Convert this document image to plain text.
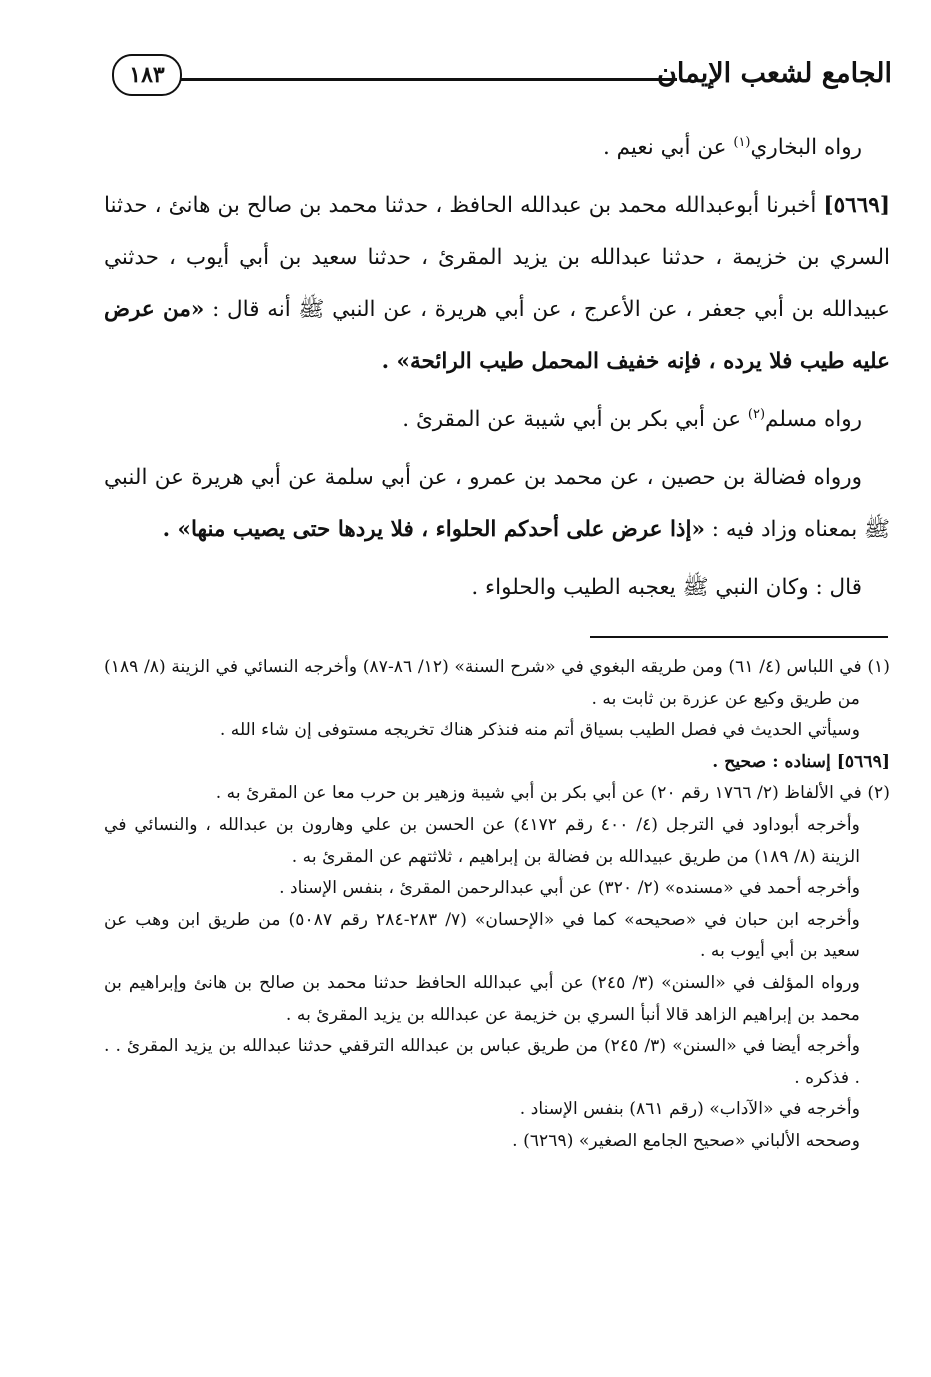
الجامع لشعب الإيمان
١٨٣

رواه البخاري$^{(١)}$ عن أبي نعيم .

[٥٦٦٩] أخبرنا أبوعبدالله محمد بن عبدالله الحافظ ، حدثنا محمد بن صالح بن هانئ ، حدثنا السري بن خزيمة ، حدثنا عبدالله بن يزيد المقرئ ، حدثنا سعيد بن أبي أيوب ، حدثني عبيدالله بن أبي جعفر ، عن الأعرج ، عن أبي هريرة ، عن النبي ﷺ أنه قال : «من عرض عليه طيب فلا يرده ، فإنه خفيف المحمل طيب الرائحة» .

رواه مسلم$^{(٢)}$ عن أبي بكر بن أبي شيبة عن المقرئ .

ورواه فضالة بن حصين ، عن محمد بن عمرو ، عن أبي سلمة عن أبي هريرة عن النبي ﷺ بمعناه وزاد فيه : «إذا عرض على أحدكم الحلواء ، فلا يردها حتى يصيب منها» .

قال : وكان النبي ﷺ يعجبه الطيب والحلواء .

(١) في اللباس (٤/ ٦١) ومن طريقه البغوي في «شرح السنة» (١٢/ ٨٦-٨٧) وأخرجه النسائي في الزينة (٨/ ١٨٩) من طريق وكيع عن عزرة بن ثابت به .

وسيأتي الحديث في فصل الطيب بسياق أتم منه فنذكر هناك تخريجه مستوفى إن شاء الله .

[٥٦٦٩] إسناده : صحيح .

(٢) في الألفاظ (٢/ ١٧٦٦ رقم ٢٠) عن أبي بكر بن أبي شيبة وزهير بن حرب معا عن المقرئ به .

وأخرجه أبوداود في الترجل (٤/ ٤٠٠ رقم ٤١٧٢) عن الحسن بن علي وهارون بن عبدالله ، والنسائي في الزينة (٨/ ١٨٩) من طريق عبيدالله بن فضالة بن إبراهيم ، ثلاثتهم عن المقرئ به .

وأخرجه أحمد في «مسنده» (٢/ ٣٢٠) عن أبي عبدالرحمن المقرئ ، بنفس الإسناد .

وأخرجه ابن حبان في «صحيحه» كما في «الإحسان» (٧/ ٢٨٣-٢٨٤ رقم ٥٠٨٧) من طريق ابن وهب عن سعيد بن أبي أيوب به .

ورواه المؤلف في «السنن» (٣/ ٢٤٥) عن أبي عبدالله الحافظ حدثنا محمد بن صالح بن هانئ وإبراهيم بن محمد بن إبراهيم الزاهد قالا أنبأ السري بن خزيمة عن عبدالله بن يزيد المقرئ به .

وأخرجه أيضا في «السنن» (٣/ ٢٤٥) من طريق عباس بن عبدالله الترقفي حدثنا عبدالله بن يزيد المقرئ . . . فذكره .

وأخرجه في «الآداب» (رقم ٨٦١) بنفس الإسناد .

وصححه الألباني «صحيح الجامع الصغير» (٦٢٦٩) .
